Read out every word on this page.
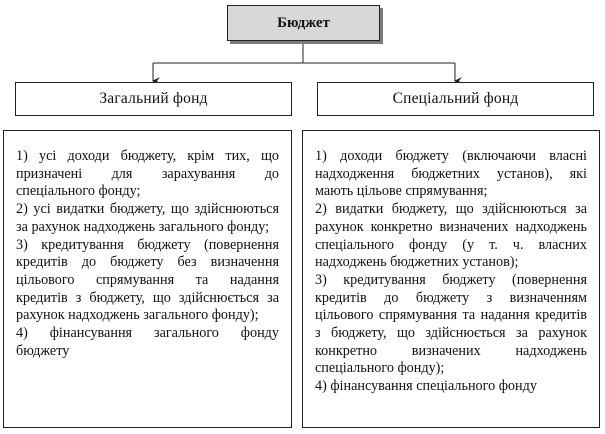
Бюджет
Загальний фонд	Спеціальний фонд

1) усі доходи бюджету, крім тих, що призначені для зарахування до спеціального фонду;

2) усі видатки бюджету, що здійснюються за рахунок надходжень загального фонду;

3) кредитування бюджету (повернення кредитів до бюджету без визначення цільового спрямування та надання кредитів з бюджету, що здійснюється за рахунок надходжень загального фонду);

4) фінансування загального фонду бюджету

1) доходи бюджету (включаючи власні надходження бюджетних установ), які мають цільове спрямування;

2) видатки бюджету, що здійснюються за рахунок конкретно визначених надходжень спеціального фонду (у т. ч. власних надходжень бюджетних установ);

3) кредитування бюджету (повернення кредитів до бюджету з визначенням цільового спрямування та надання кредитів з бюджету, що здійснюється за рахунок конкретно визначених надходжень спеціального фонду);

4) фінансування спеціального фонду
